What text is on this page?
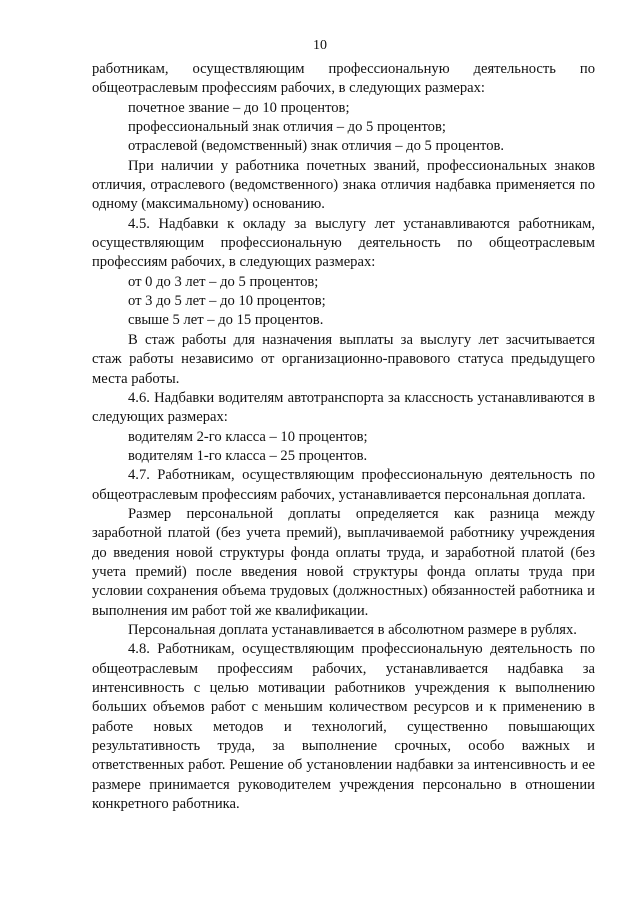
10

работникам, осуществляющим профессиональную деятельность по общеотраслевым профессиям рабочих, в следующих размерах:

почетное звание – до 10 процентов;

профессиональный знак отличия – до 5 процентов;

отраслевой (ведомственный) знак отличия – до 5 процентов.

При наличии у работника почетных званий, профессиональных знаков отличия, отраслевого (ведомственного) знака отличия надбавка применяется по одному (максимальному) основанию.

4.5. Надбавки к окладу за выслугу лет устанавливаются работникам, осуществляющим профессиональную деятельность по общеотраслевым профессиям рабочих, в следующих размерах:

от 0 до 3 лет – до 5 процентов;

от 3 до 5 лет – до 10 процентов;

свыше 5 лет – до 15 процентов.

В стаж работы для назначения выплаты за выслугу лет засчитывается стаж работы независимо от организационно-правового статуса предыдущего места работы.

4.6. Надбавки водителям автотранспорта за классность устанавливаются в следующих размерах:

водителям 2-го класса – 10 процентов;

водителям 1-го класса – 25 процентов.

4.7. Работникам, осуществляющим профессиональную деятельность по общеотраслевым профессиям рабочих, устанавливается персональная доплата.

Размер персональной доплаты определяется как разница между заработной платой (без учета премий), выплачиваемой работнику учреждения до введения новой структуры фонда оплаты труда, и заработной платой (без учета премий) после введения новой структуры фонда оплаты труда при условии сохранения объема трудовых (должностных) обязанностей работника и выполнения им работ той же квалификации.

Персональная доплата устанавливается в абсолютном размере в рублях.

4.8. Работникам, осуществляющим профессиональную деятельность по общеотраслевым профессиям рабочих, устанавливается надбавка за интенсивность с целью мотивации работников учреждения к выполнению больших объемов работ с меньшим количеством ресурсов и к применению в работе новых методов и технологий, существенно повышающих результативность труда, за выполнение срочных, особо важных и ответственных работ. Решение об установлении надбавки за интенсивность и ее размере принимается руководителем учреждения персонально в отношении конкретного работника.
